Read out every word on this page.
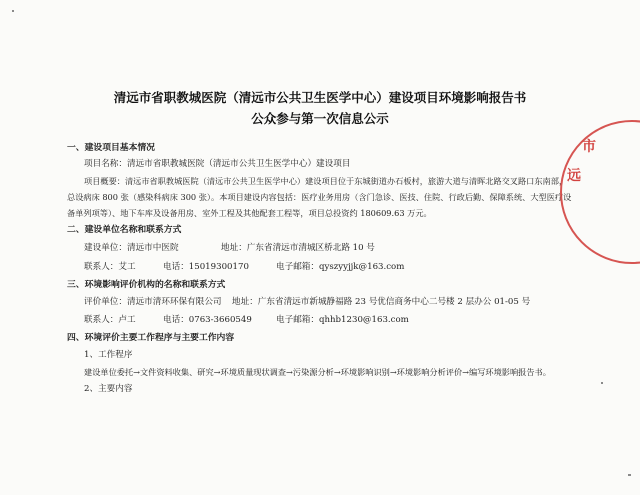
清远市省职教城医院（清远市公共卫生医学中心）建设项目环境影响报告书
公众参与第一次信息公示
一、建设项目基本情况
项目名称：清远市省职教城医院（清远市公共卫生医学中心）建设项目
项目概要：清远市省职教城医院（清远市公共卫生医学中心）建设项目位于东城街道办石板村，旅游大道与清晖北路交叉路口东南部，
总设病床 800 张（感染科病床 300 张）。本项目建设内容包括：医疗业务用房（含门急诊、医技、住院、行政后勤、保障系统、大型医疗设
备单列项等）、地下车库及设备用房、室外工程及其他配套工程等，项目总投资约 180609.63 万元。
二、建设单位名称和联系方式
建设单位：清远市中医院	地址：广东省清远市清城区桥北路 10 号
联系人：艾工	电话：15019300170	电子邮箱：qyszyyjjk@163.com
三、环境影响评价机构的名称和联系方式
评价单位：清远市清环环保有限公司 地址：广东省清远市新城静福路 23 号优信商务中心二号楼 2 层办公 01-05 号
联系人：卢工	电话：0763-3660549	电子邮箱：qhhb1230@163.com
四、环境评价主要工作程序与主要工作内容
1、工作程序
建设单位委托→文件资料收集、研究→环境质量现状调查→污染源分析→环境影响识别→环境影响分析评价→编写环境影响报告书。
2、主要内容
市
远
